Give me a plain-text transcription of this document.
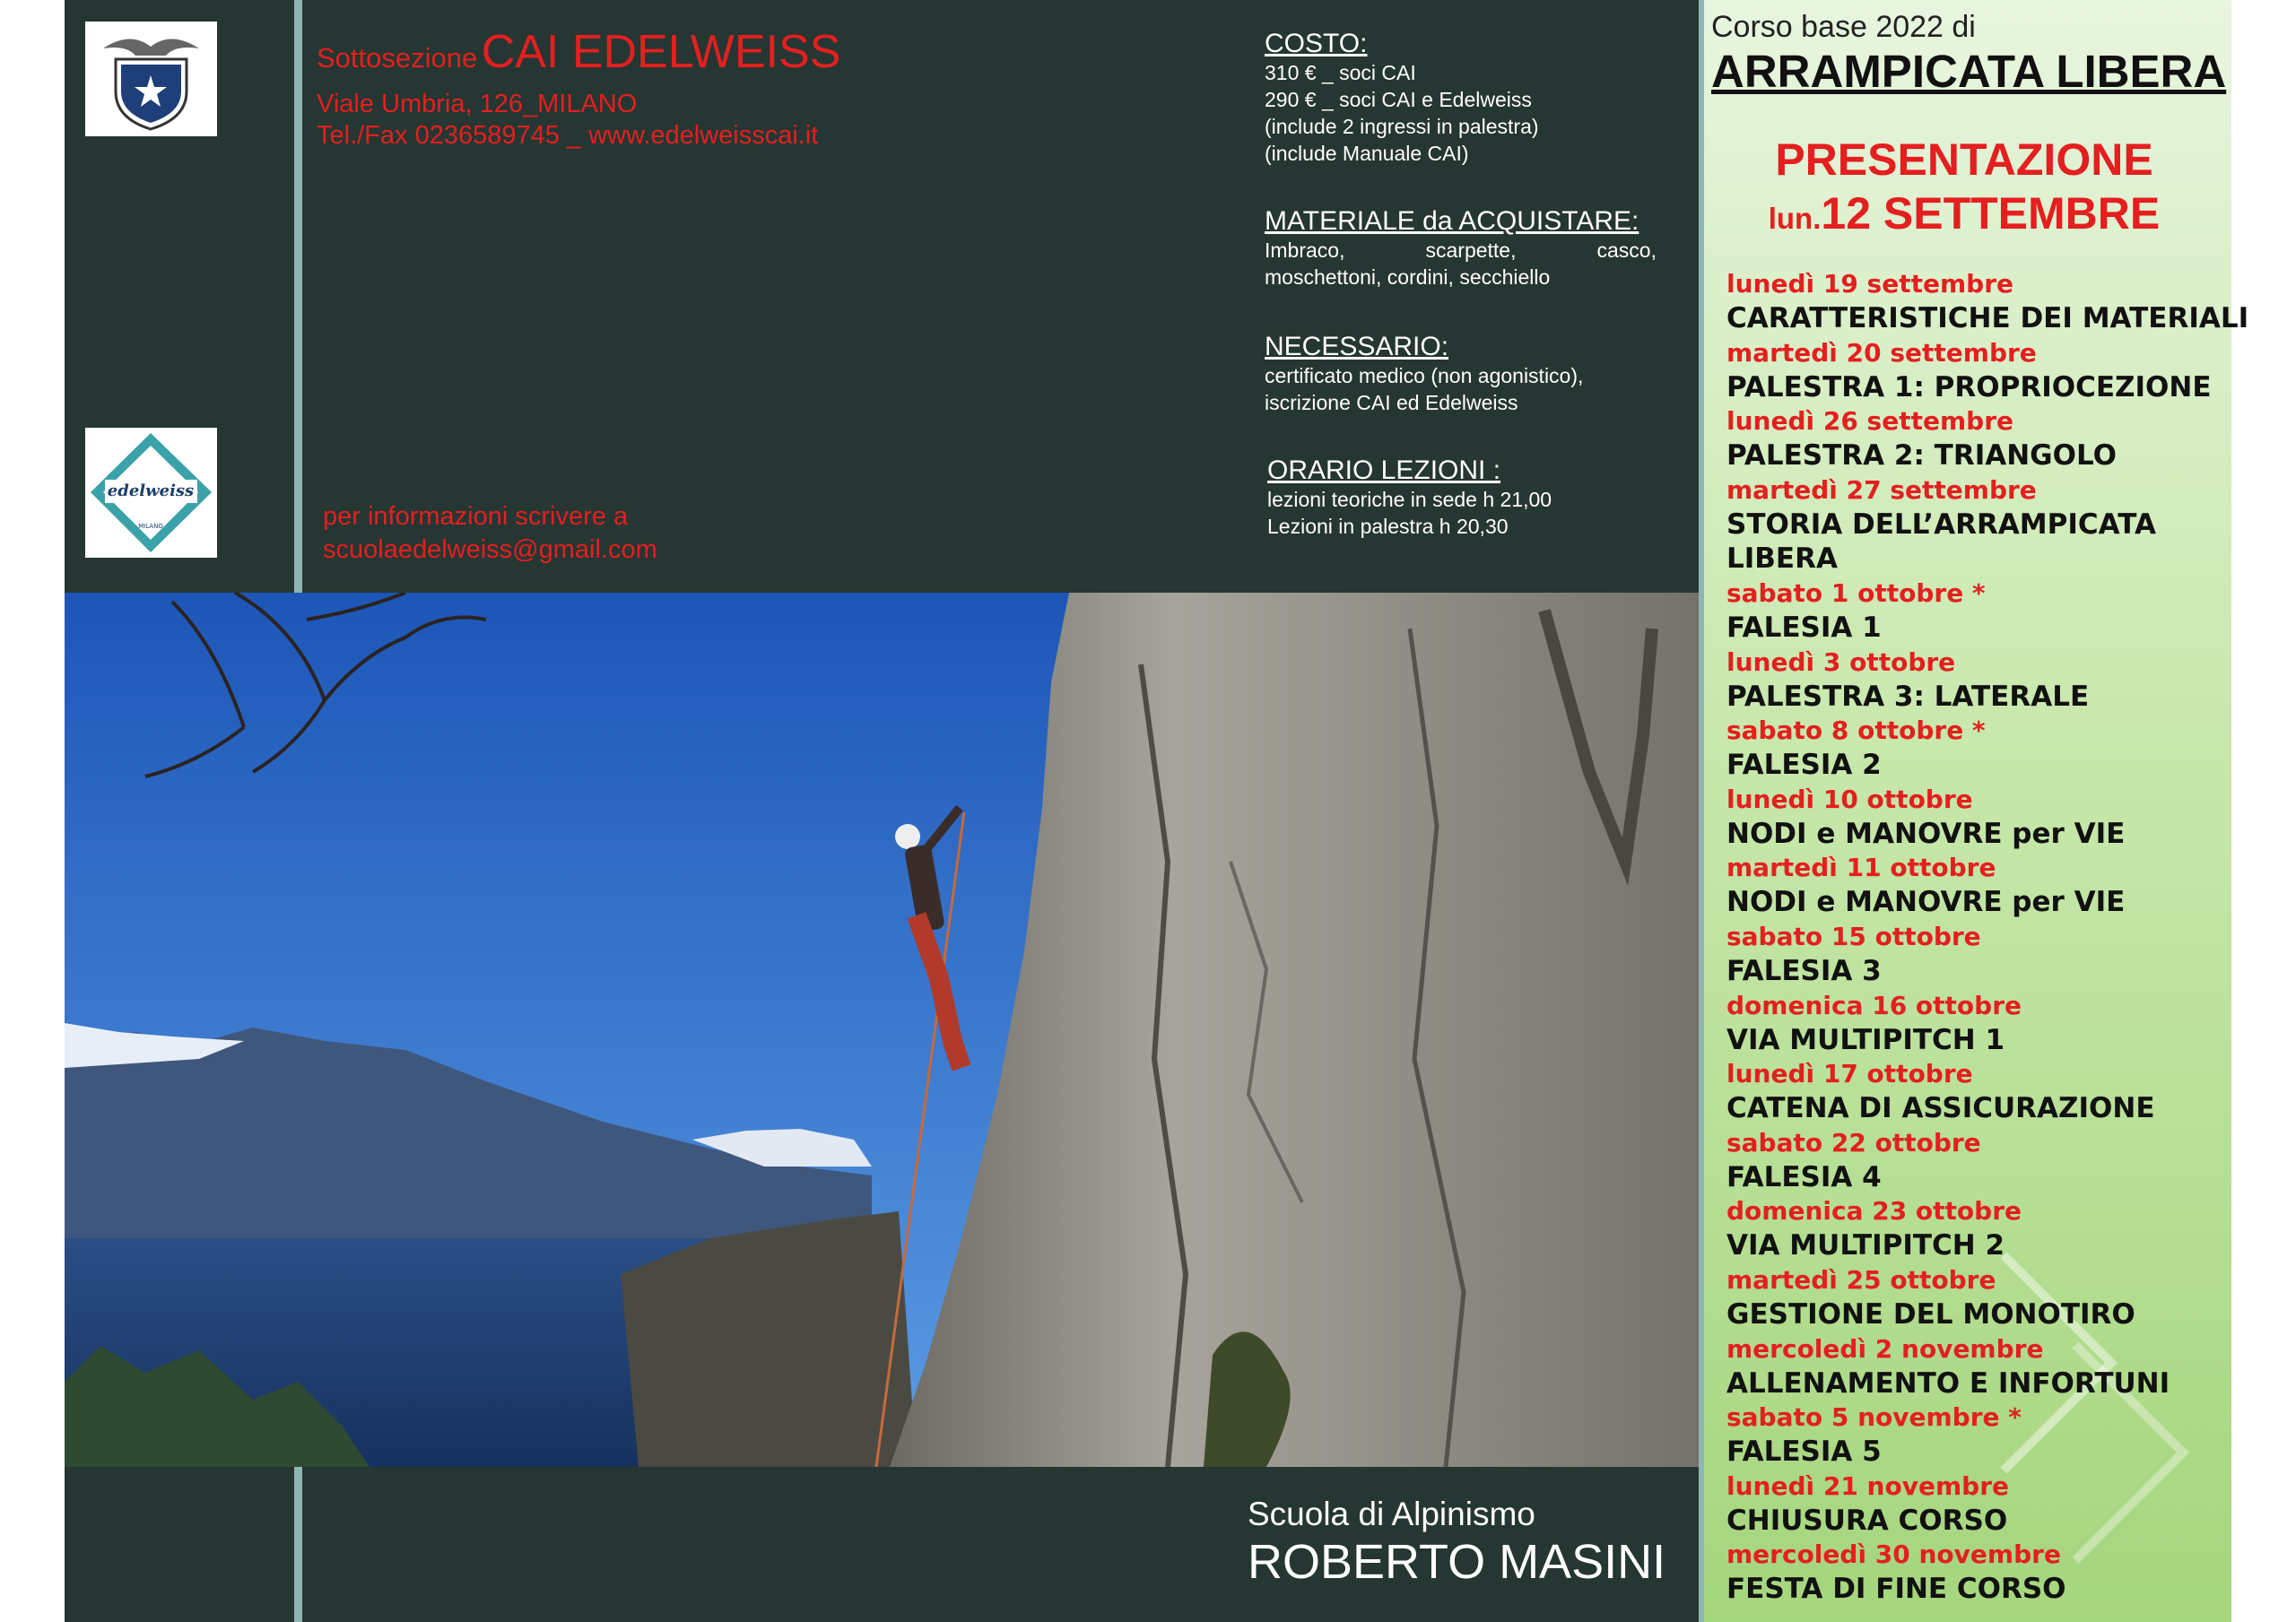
edelweiss
MILANO
Sottosezione CAI EDELWEISS
Viale Umbria, 126_MILANO
Tel./Fax 0236589745 _ www.edelweisscai.it
per informazioni scrivere a
scuolaedelweiss@gmail.com
COSTO:
310 € _ soci CAI
290 € _ soci CAI e Edelweiss
(include 2 ingressi in palestra)
(include Manuale CAI)
MATERIALE da ACQUISTARE:
Imbraco, scarpette, casco,
moschettoni, cordini, secchiello
NECESSARIO:
certificato medico (non agonistico),
iscrizione CAI ed Edelweiss
ORARIO LEZIONI :
lezioni teoriche in sede h 21,00
Lezioni in palestra h 20,30
Scuola di Alpinismo
ROBERTO MASINI
Corso base 2022 di
ARRAMPICATA LIBERA
PRESENTAZIONE
lun.12 SETTEMBRE
lunedì 19 settembre
CARATTERISTICHE DEI MATERIALI
martedì 20 settembre
PALESTRA 1: PROPRIOCEZIONE
lunedì 26 settembre
PALESTRA 2: TRIANGOLO
martedì 27 settembre
STORIA DELL’ARRAMPICATA
LIBERA
sabato 1 ottobre *
FALESIA 1
lunedì 3 ottobre
PALESTRA 3: LATERALE
sabato 8 ottobre *
FALESIA 2
lunedì 10 ottobre
NODI e MANOVRE per VIE
martedì 11 ottobre
NODI e MANOVRE per VIE
sabato 15 ottobre
FALESIA 3
domenica 16 ottobre
VIA MULTIPITCH 1
lunedì 17 ottobre
CATENA DI ASSICURAZIONE
sabato 22 ottobre
FALESIA 4
domenica 23 ottobre
VIA MULTIPITCH 2
martedì 25 ottobre
GESTIONE DEL MONOTIRO
mercoledì 2 novembre
ALLENAMENTO E INFORTUNI
sabato 5 novembre *
FALESIA 5
lunedì 21 novembre
CHIUSURA CORSO
mercoledì 30 novembre
FESTA DI FINE CORSO
